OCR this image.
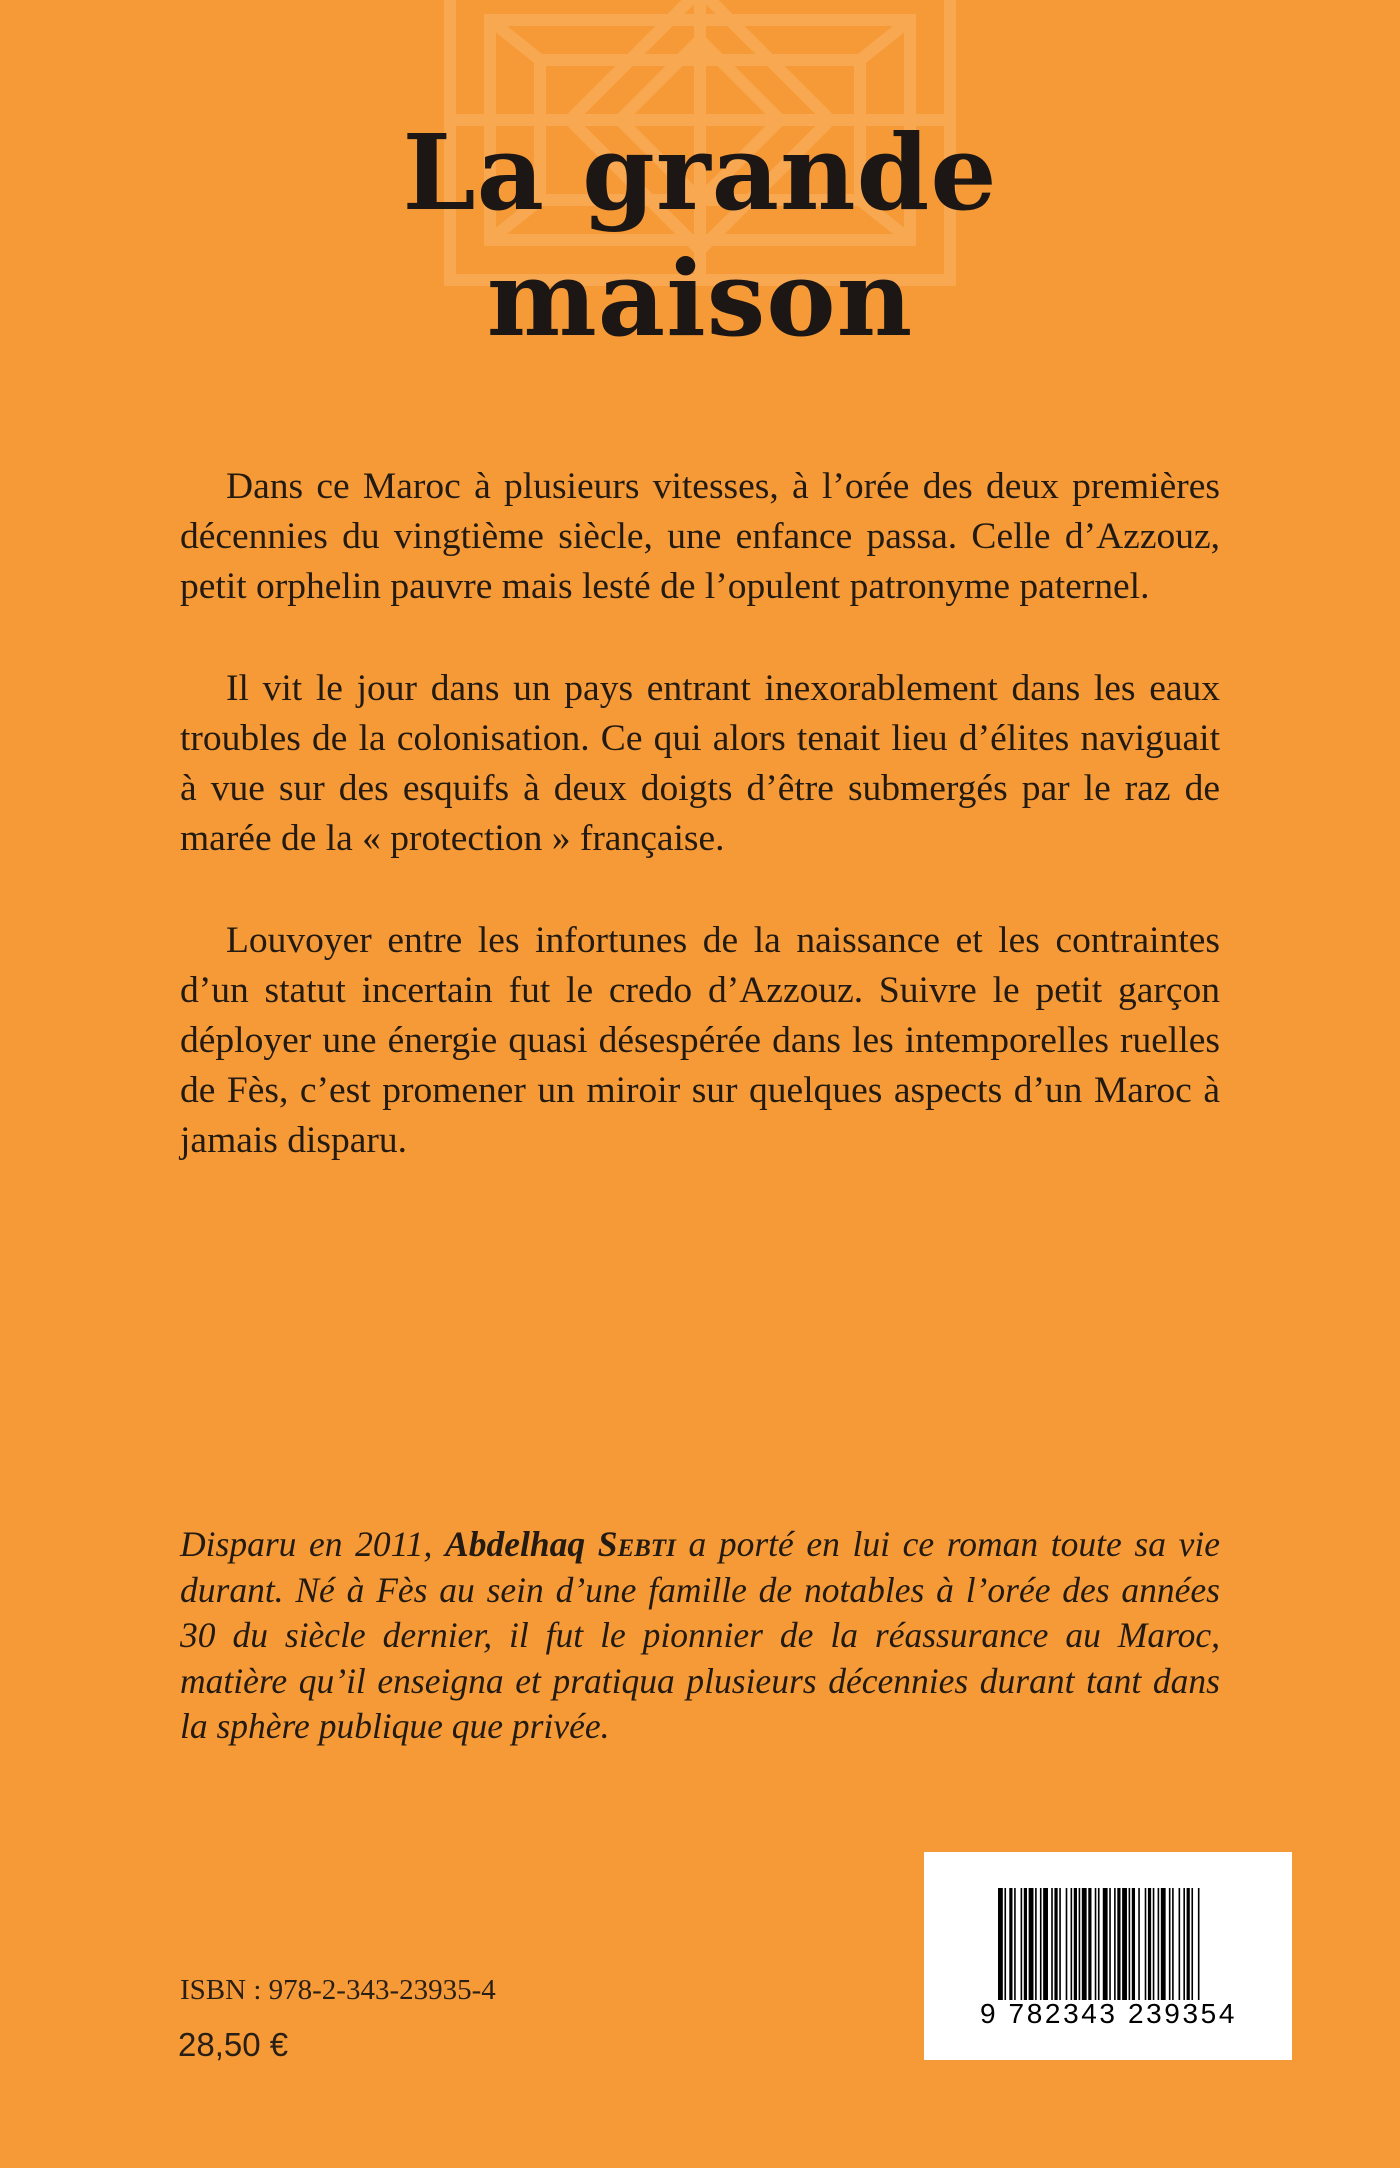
La grande
maison

Dans ce Maroc à plusieurs vitesses, à l’orée des deux premières décennies du vingtième siècle, une enfance passa. Celle d’Azzouz, petit orphelin pauvre mais lesté de l’opulent patronyme paternel.

Il vit le jour dans un pays entrant inexorablement dans les eaux troubles de la colonisation. Ce qui alors tenait lieu d’élites naviguait à vue sur des esquifs à deux doigts d’être submergés par le raz de marée de la « protection » française.

Louvoyer entre les infortunes de la naissance et les contraintes d’un statut incertain fut le credo d’Azzouz. Suivre le petit garçon déployer une énergie quasi désespérée dans les intemporelles ruelles de Fès, c’est promener un miroir sur quelques aspects d’un Maroc à jamais disparu.

Disparu en 2011, Abdelhaq Sebti a porté en lui ce roman toute sa vie durant. Né à Fès au sein d’une famille de notables à l’orée des années 30 du siècle dernier, il fut le pionnier de la réassurance au Maroc, matière qu’il enseigna et pratiqua plusieurs décennies durant tant dans la sphère publique que privée.

9 782343 239354
ISBN : 978-2-343-23935-4
28,50 €
